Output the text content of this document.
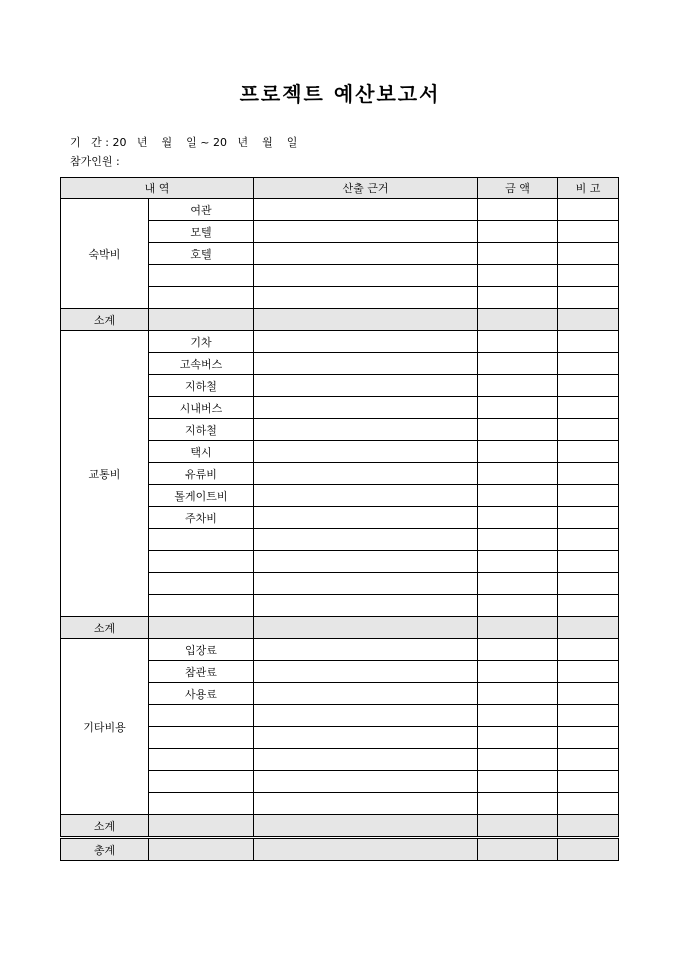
프로젝트 예산보고서
기   간 : 20   년    월    일 ~ 20   년    월    일
참가인원 :
내 역		산출 근거	금 액	비 고
숙박비	여관			
	모텔			
	호텔			

소계				
교통비	기차			
	고속버스			
	지하철			
	시내버스			
	지하철			
	택시			
	유류비			
	톨게이트비			
	주차비			

소계				
기타비용	입장료			
	참관료			
	사용료			

소계				
총계				
